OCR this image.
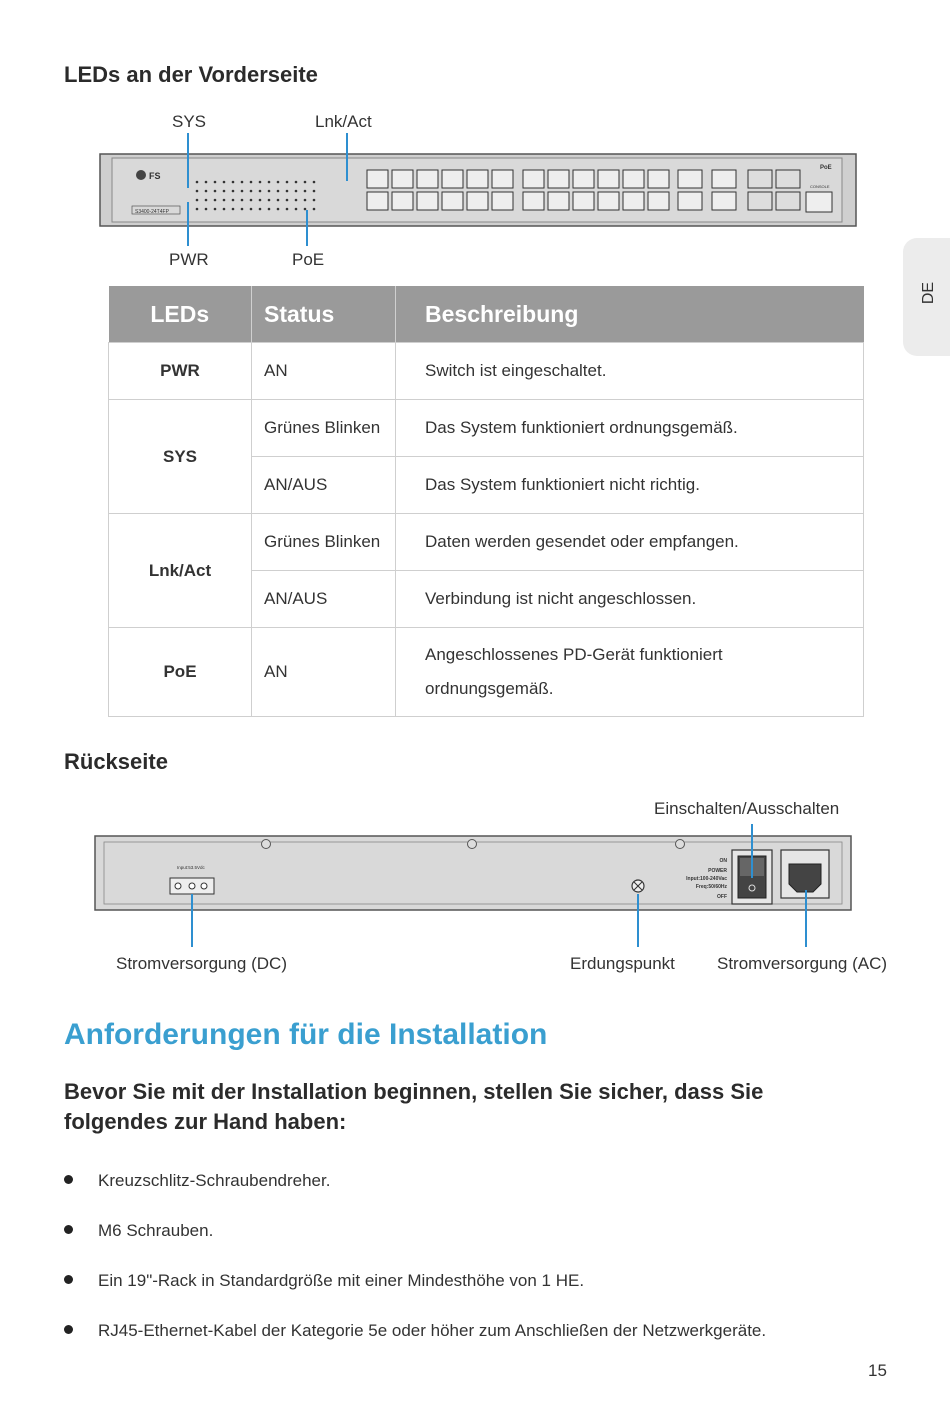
LEDs an der Vorderseite
SYS	Lnk/Act
PWR	PoE
FS
S3400-24T4FP
PoE
CONSOLE
DE
LEDs	Status	Beschreibung
PWR	AN	Switch ist eingeschaltet.
SYS	Grünes Blinken	Das System funktioniert ordnungsgemäß.
	AN/AUS	Das System funktioniert nicht richtig.
Lnk/Act	Grünes Blinken	Daten werden gesendet oder empfangen.
	AN/AUS	Verbindung ist nicht angeschlossen.
PoE	AN	Angeschlossenes PD-Gerät funktioniert
ordnungsgemäß.
Rückseite
Einschalten/Ausschalten
Stromversorgung (DC)	Erdungspunkt Stromversorgung (AC)
Input:53.5Vdc
ON
POWER
Input:100-240Vac
Freq:50/60Hz
OFF
Anforderungen für die Installation
Bevor Sie mit der Installation beginnen, stellen Sie sicher, dass Sie
folgendes zur Hand haben:
Kreuzschlitz-Schraubendreher.
M6 Schrauben.
Ein 19"-Rack in Standardgröße mit einer Mindesthöhe von 1 HE.
RJ45-Ethernet-Kabel der Kategorie 5e oder höher zum Anschließen der Netzwerkgeräte.
15
